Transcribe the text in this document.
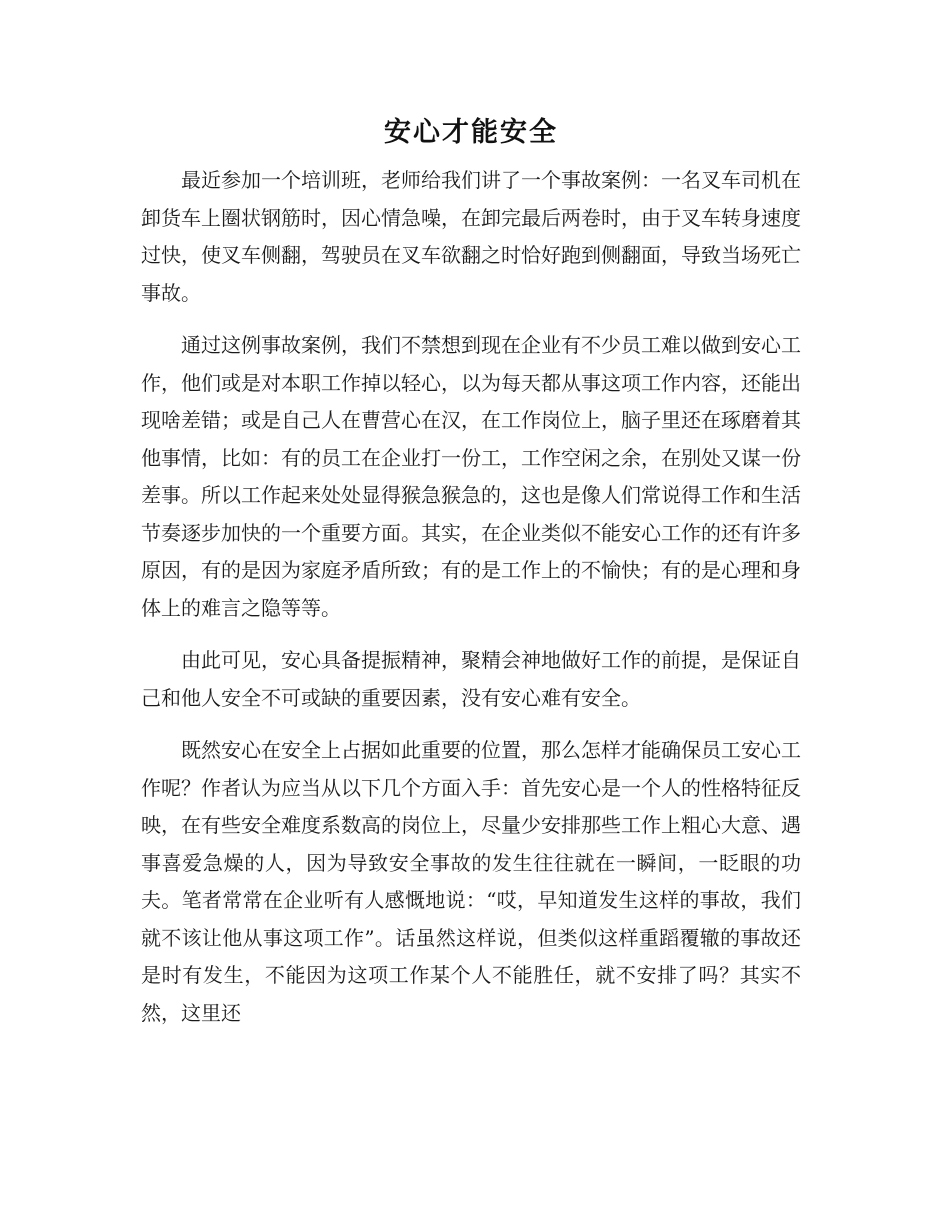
安心才能安全

最近参加一个培训班，老师给我们讲了一个事故案例：一名叉车司机在卸货车上圈状钢筋时，因心情急噪，在卸完最后两卷时，由于叉车转身速度过快，使叉车侧翻，驾驶员在叉车欲翻之时恰好跑到侧翻面，导致当场死亡事故。

通过这例事故案例，我们不禁想到现在企业有不少员工难以做到安心工作，他们或是对本职工作掉以轻心，以为每天都从事这项工作内容，还能出现啥差错；或是自己人在曹营心在汉，在工作岗位上，脑子里还在琢磨着其他事情，比如：有的员工在企业打一份工，工作空闲之余，在别处又谋一份差事。所以工作起来处处显得猴急猴急的，这也是像人们常说得工作和生活节奏逐步加快的一个重要方面。其实，在企业类似不能安心工作的还有许多原因，有的是因为家庭矛盾所致；有的是工作上的不愉快；有的是心理和身体上的难言之隐等等。

由此可见，安心具备提振精神，聚精会神地做好工作的前提，是保证自己和他人安全不可或缺的重要因素，没有安心难有安全。

既然安心在安全上占据如此重要的位置，那么怎样才能确保员工安心工作呢？作者认为应当从以下几个方面入手：首先安心是一个人的性格特征反映，在有些安全难度系数高的岗位上，尽量少安排那些工作上粗心大意、遇事喜爱急燥的人，因为导致安全事故的发生往往就在一瞬间，一眨眼的功夫。笔者常常在企业听有人感慨地说：“哎，早知道发生这样的事故，我们就不该让他从事这项工作”。话虽然这样说，但类似这样重蹈覆辙的事故还是时有发生，不能因为这项工作某个人不能胜任，就不安排了吗？其实不然，这里还
